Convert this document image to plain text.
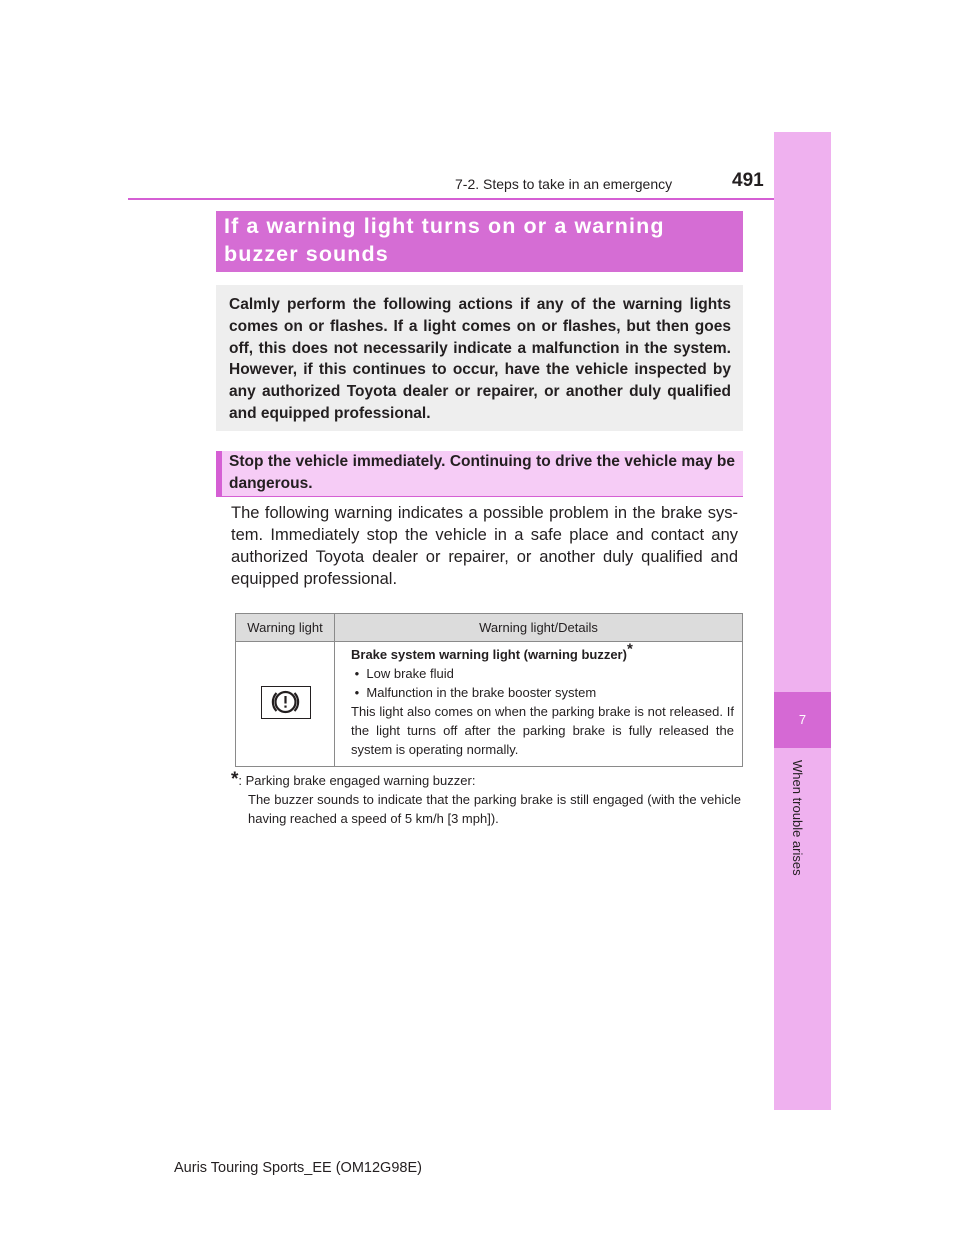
7-2. Steps to take in an emergency	491
7
When trouble arises
If a warning light turns on or a warning buzzer sounds

Calmly perform the following actions if any of the warning lights comes on or flashes. If a light comes on or flashes, but then goes off, this does not necessarily indicate a malfunction in the system. However, if this continues to occur, have the vehicle inspected by any authorized Toyota dealer or repairer, or another duly qualified and equipped professional.

Stop the vehicle immediately. Continuing to drive the vehicle may be dangerous.

The following warning indicates a possible problem in the brake sys-tem. Immediately stop the vehicle in a safe place and contact any authorized Toyota dealer or repairer, or another duly qualified and equipped professional.

Warning light	Warning light/Details

Brake system warning light (warning buzzer)*
•  Low brake fluid
•  Malfunction in the brake booster system

This light also comes on when the parking brake is not released. If the light turns off after the parking brake is fully released the system is operating normally.

*: Parking brake engaged warning buzzer:
The buzzer sounds to indicate that the parking brake is still engaged (with the vehicle having reached a speed of 5 km/h [3 mph]).
Auris Touring Sports_EE (OM12G98E)
